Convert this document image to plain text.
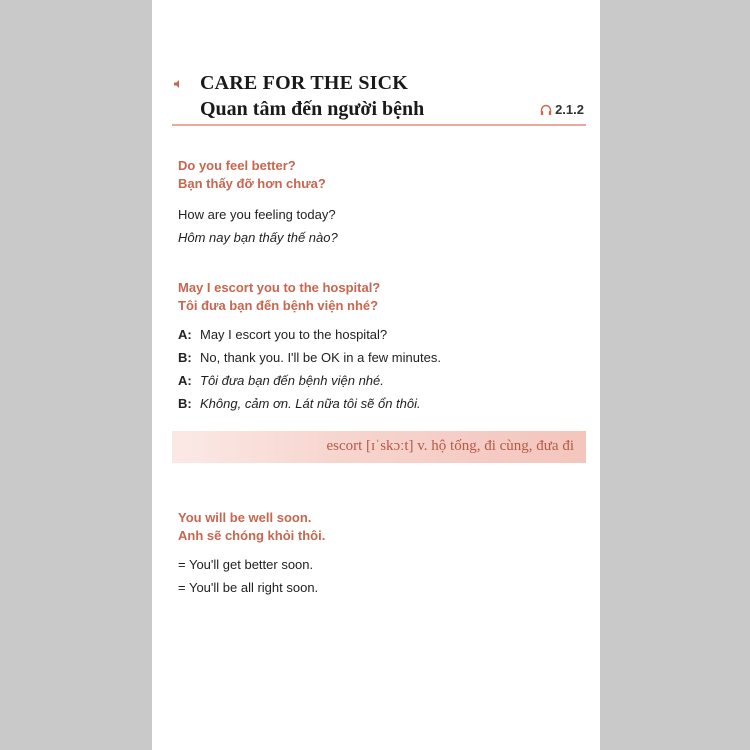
CARE FOR THE SICK
Quan tâm đến người bệnh	2.1.2
Do you feel better?
Bạn thấy đỡ hơn chưa?
How are you feeling today?
Hôm nay bạn thấy thế nào?
May I escort you to the hospital?
Tôi đưa bạn đến bệnh viện nhé?
A: May I escort you to the hospital?
B: No, thank you. I'll be OK in a few minutes.
A: Tôi đưa bạn đến bệnh viện nhé.
B: Không, cảm ơn. Lát nữa tôi sẽ ổn thôi.
escort [ɪˈskɔːt] v. hộ tống, đi cùng, đưa đi
You will be well soon.
Anh sẽ chóng khỏi thôi.
= You'll get better soon.
= You'll be all right soon.
